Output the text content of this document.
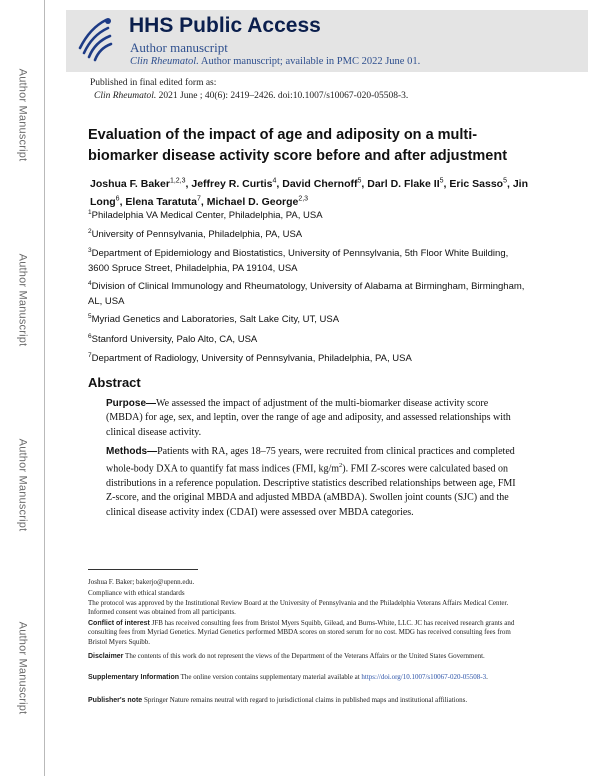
Author Manuscript
Author Manuscript
Author Manuscript
Author Manuscript
HHS Public Access
Author manuscript
Clin Rheumatol. Author manuscript; available in PMC 2022 June 01.
Published in final edited form as:
Clin Rheumatol. 2021 June ; 40(6): 2419–2426. doi:10.1007/s10067-020-05508-3.
Evaluation of the impact of age and adiposity on a multi-biomarker disease activity score before and after adjustment
Joshua F. Baker$^{1,2,3}$, Jeffrey R. Curtis$^4$, David Chernoff$^5$, Darl D. Flake $II^5$, Eric Sasso$^5$, Jin Long$^6$, Elena Taratuta$^7$, Michael D. George$^{2,3}$
$^1$Philadelphia VA Medical Center, Philadelphia, PA, USA
$^2$University of Pennsylvania, Philadelphia, PA, USA
$^3$Department of Epidemiology and Biostatistics, University of Pennsylvania, 5th Floor White Building, 3600 Spruce Street, Philadelphia, PA 19104, USA
$^4$Division of Clinical Immunology and Rheumatology, University of Alabama at Birmingham, Birmingham, AL, USA
$^5$Myriad Genetics and Laboratories, Salt Lake City, UT, USA
$^6$Stanford University, Palo Alto, CA, USA
$^7$Department of Radiology, University of Pennsylvania, Philadelphia, PA, USA
Abstract
Purpose—We assessed the impact of adjustment of the multi-biomarker disease activity score (MBDA) for age, sex, and leptin, over the range of age and adiposity, and assessed relationships with clinical disease activity.
Methods—Patients with RA, ages 18–75 years, were recruited from clinical practices and completed whole-body DXA to quantify fat mass indices (FMI, $kg/m^2$). FMI Z-scores were calculated based on distributions in a reference population. Descriptive statistics described relationships between age, FMI Z-score, and the original MBDA and adjusted MBDA (aMBDA). Swollen joint counts (SJC) and the clinical disease activity index (CDAI) were assessed over MBDA categories.
Joshua F. Baker; bakerjo@upenn.edu.
Compliance with ethical standards
The protocol was approved by the Institutional Review Board at the University of Pennsylvania and the Philadelphia Veterans Affairs Medical Center. Informed consent was obtained from all participants.
Conflict of interest JFB has received consulting fees from Bristol Myers Squibb, Gilead, and Burns-White, LLC. JC has received research grants and consulting fees from Myriad Genetics. Myriad Genetics performed MBDA scores on stored serum for no cost. MDG has received consulting fees from Bristol Myers Squibb.
Disclaimer The contents of this work do not represent the views of the Department of the Veterans Affairs or the United States Government.
Supplementary Information The online version contains supplementary material available at https://doi.org/10.1007/s10067-020-05508-3.
Publisher's note Springer Nature remains neutral with regard to jurisdictional claims in published maps and institutional affiliations.
